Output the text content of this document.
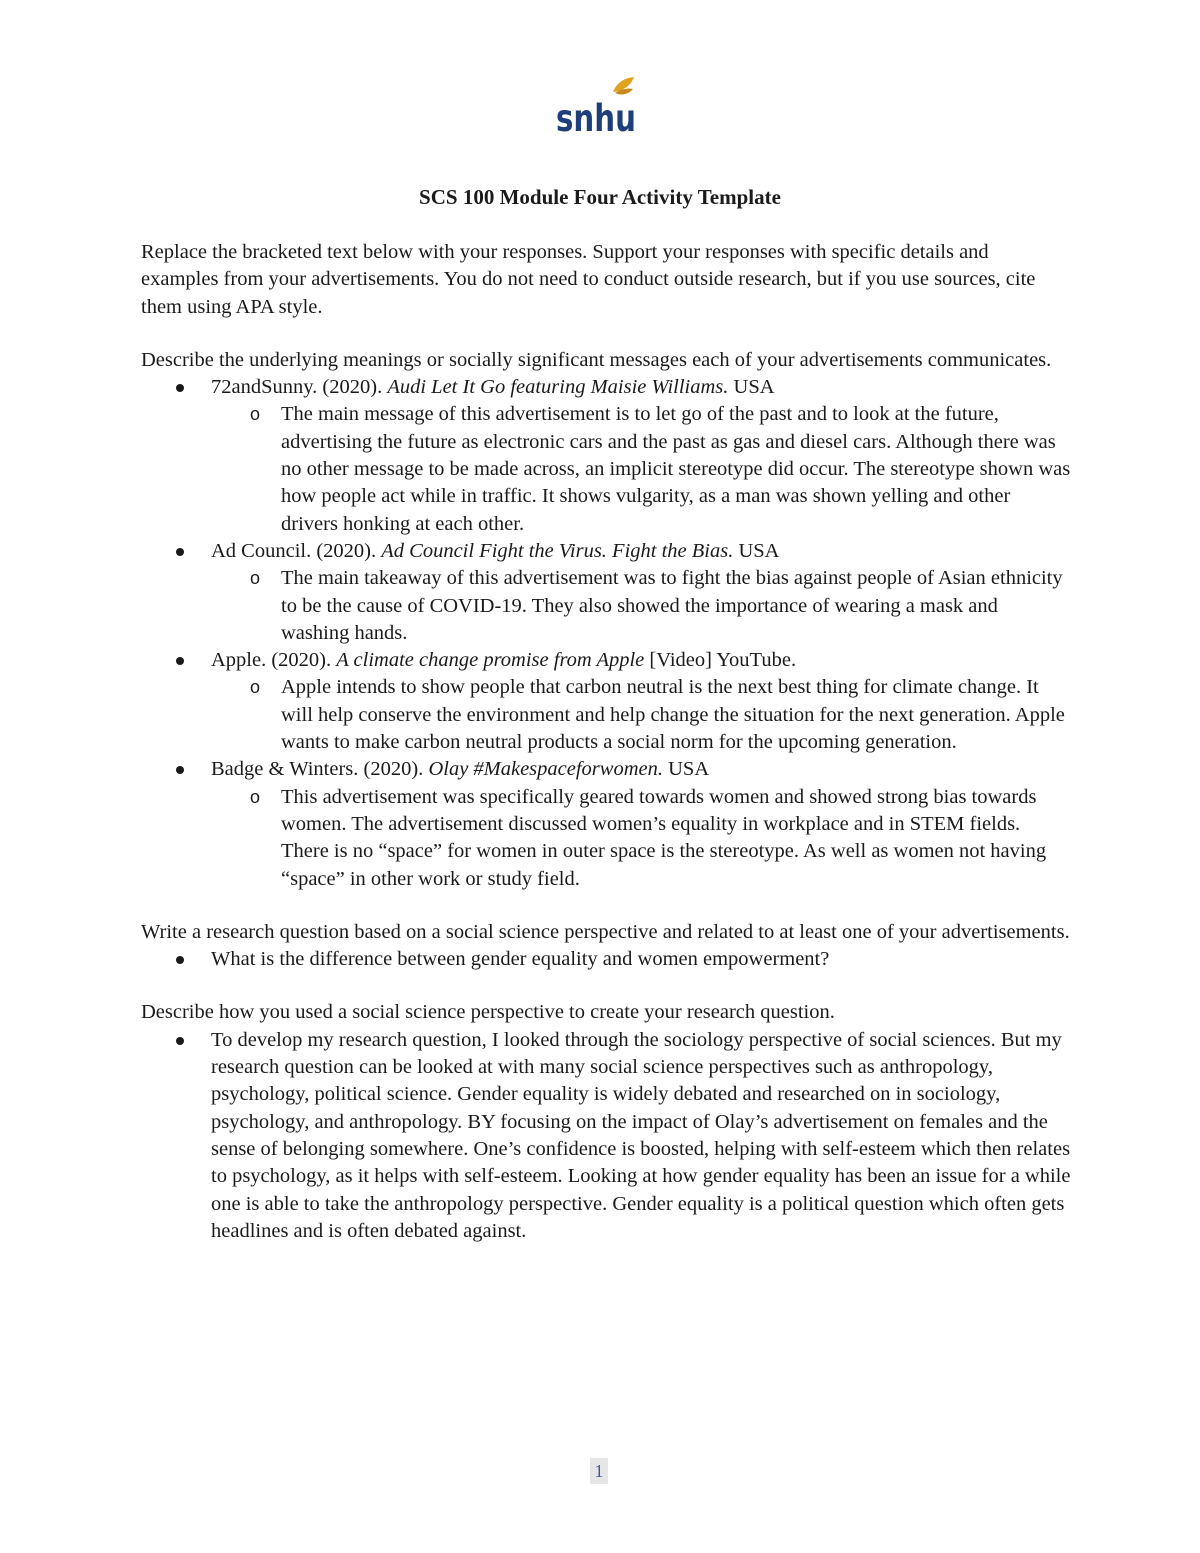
snhu
SCS 100 Module Four Activity Template

Replace the bracketed text below with your responses. Support your responses with specific details and examples from your advertisements. You do not need to conduct outside research, but if you use sources, cite them using APA style.

Describe the underlying meanings or socially significant messages each of your advertisements communicates.

72andSunny. (2020). Audi Let It Go featuring Maisie Williams. USA
o The main message of this advertisement is to let go of the past and to look at the future, advertising the future as electronic cars and the past as gas and diesel cars. Although there was no other message to be made across, an implicit stereotype did occur. The stereotype shown was how people act while in traffic. It shows vulgarity, as a man was shown yelling and other drivers honking at each other.
Ad Council. (2020). Ad Council Fight the Virus. Fight the Bias. USA
o The main takeaway of this advertisement was to fight the bias against people of Asian ethnicity to be the cause of COVID-19. They also showed the importance of wearing a mask and washing hands.
Apple. (2020). A climate change promise from Apple [Video] YouTube.
o Apple intends to show people that carbon neutral is the next best thing for climate change. It will help conserve the environment and help change the situation for the next generation. Apple wants to make carbon neutral products a social norm for the upcoming generation.
Badge & Winters. (2020). Olay #Makespaceforwomen. USA
o This advertisement was specifically geared towards women and showed strong bias towards women. The advertisement discussed women’s equality in workplace and in STEM fields. There is no “space” for women in outer space is the stereotype. As well as women not having “space” in other work or study field.

Write a research question based on a social science perspective and related to at least one of your advertisements.

What is the difference between gender equality and women empowerment?

Describe how you used a social science perspective to create your research question.

To develop my research question, I looked through the sociology perspective of social sciences. But my research question can be looked at with many social science perspectives such as anthropology, psychology, political science. Gender equality is widely debated and researched on in sociology, psychology, and anthropology. BY focusing on the impact of Olay’s advertisement on females and the sense of belonging somewhere. One’s confidence is boosted, helping with self-esteem which then relates to psychology, as it helps with self-esteem. Looking at how gender equality has been an issue for a while one is able to take the anthropology perspective. Gender equality is a political question which often gets headlines and is often debated against.
1
